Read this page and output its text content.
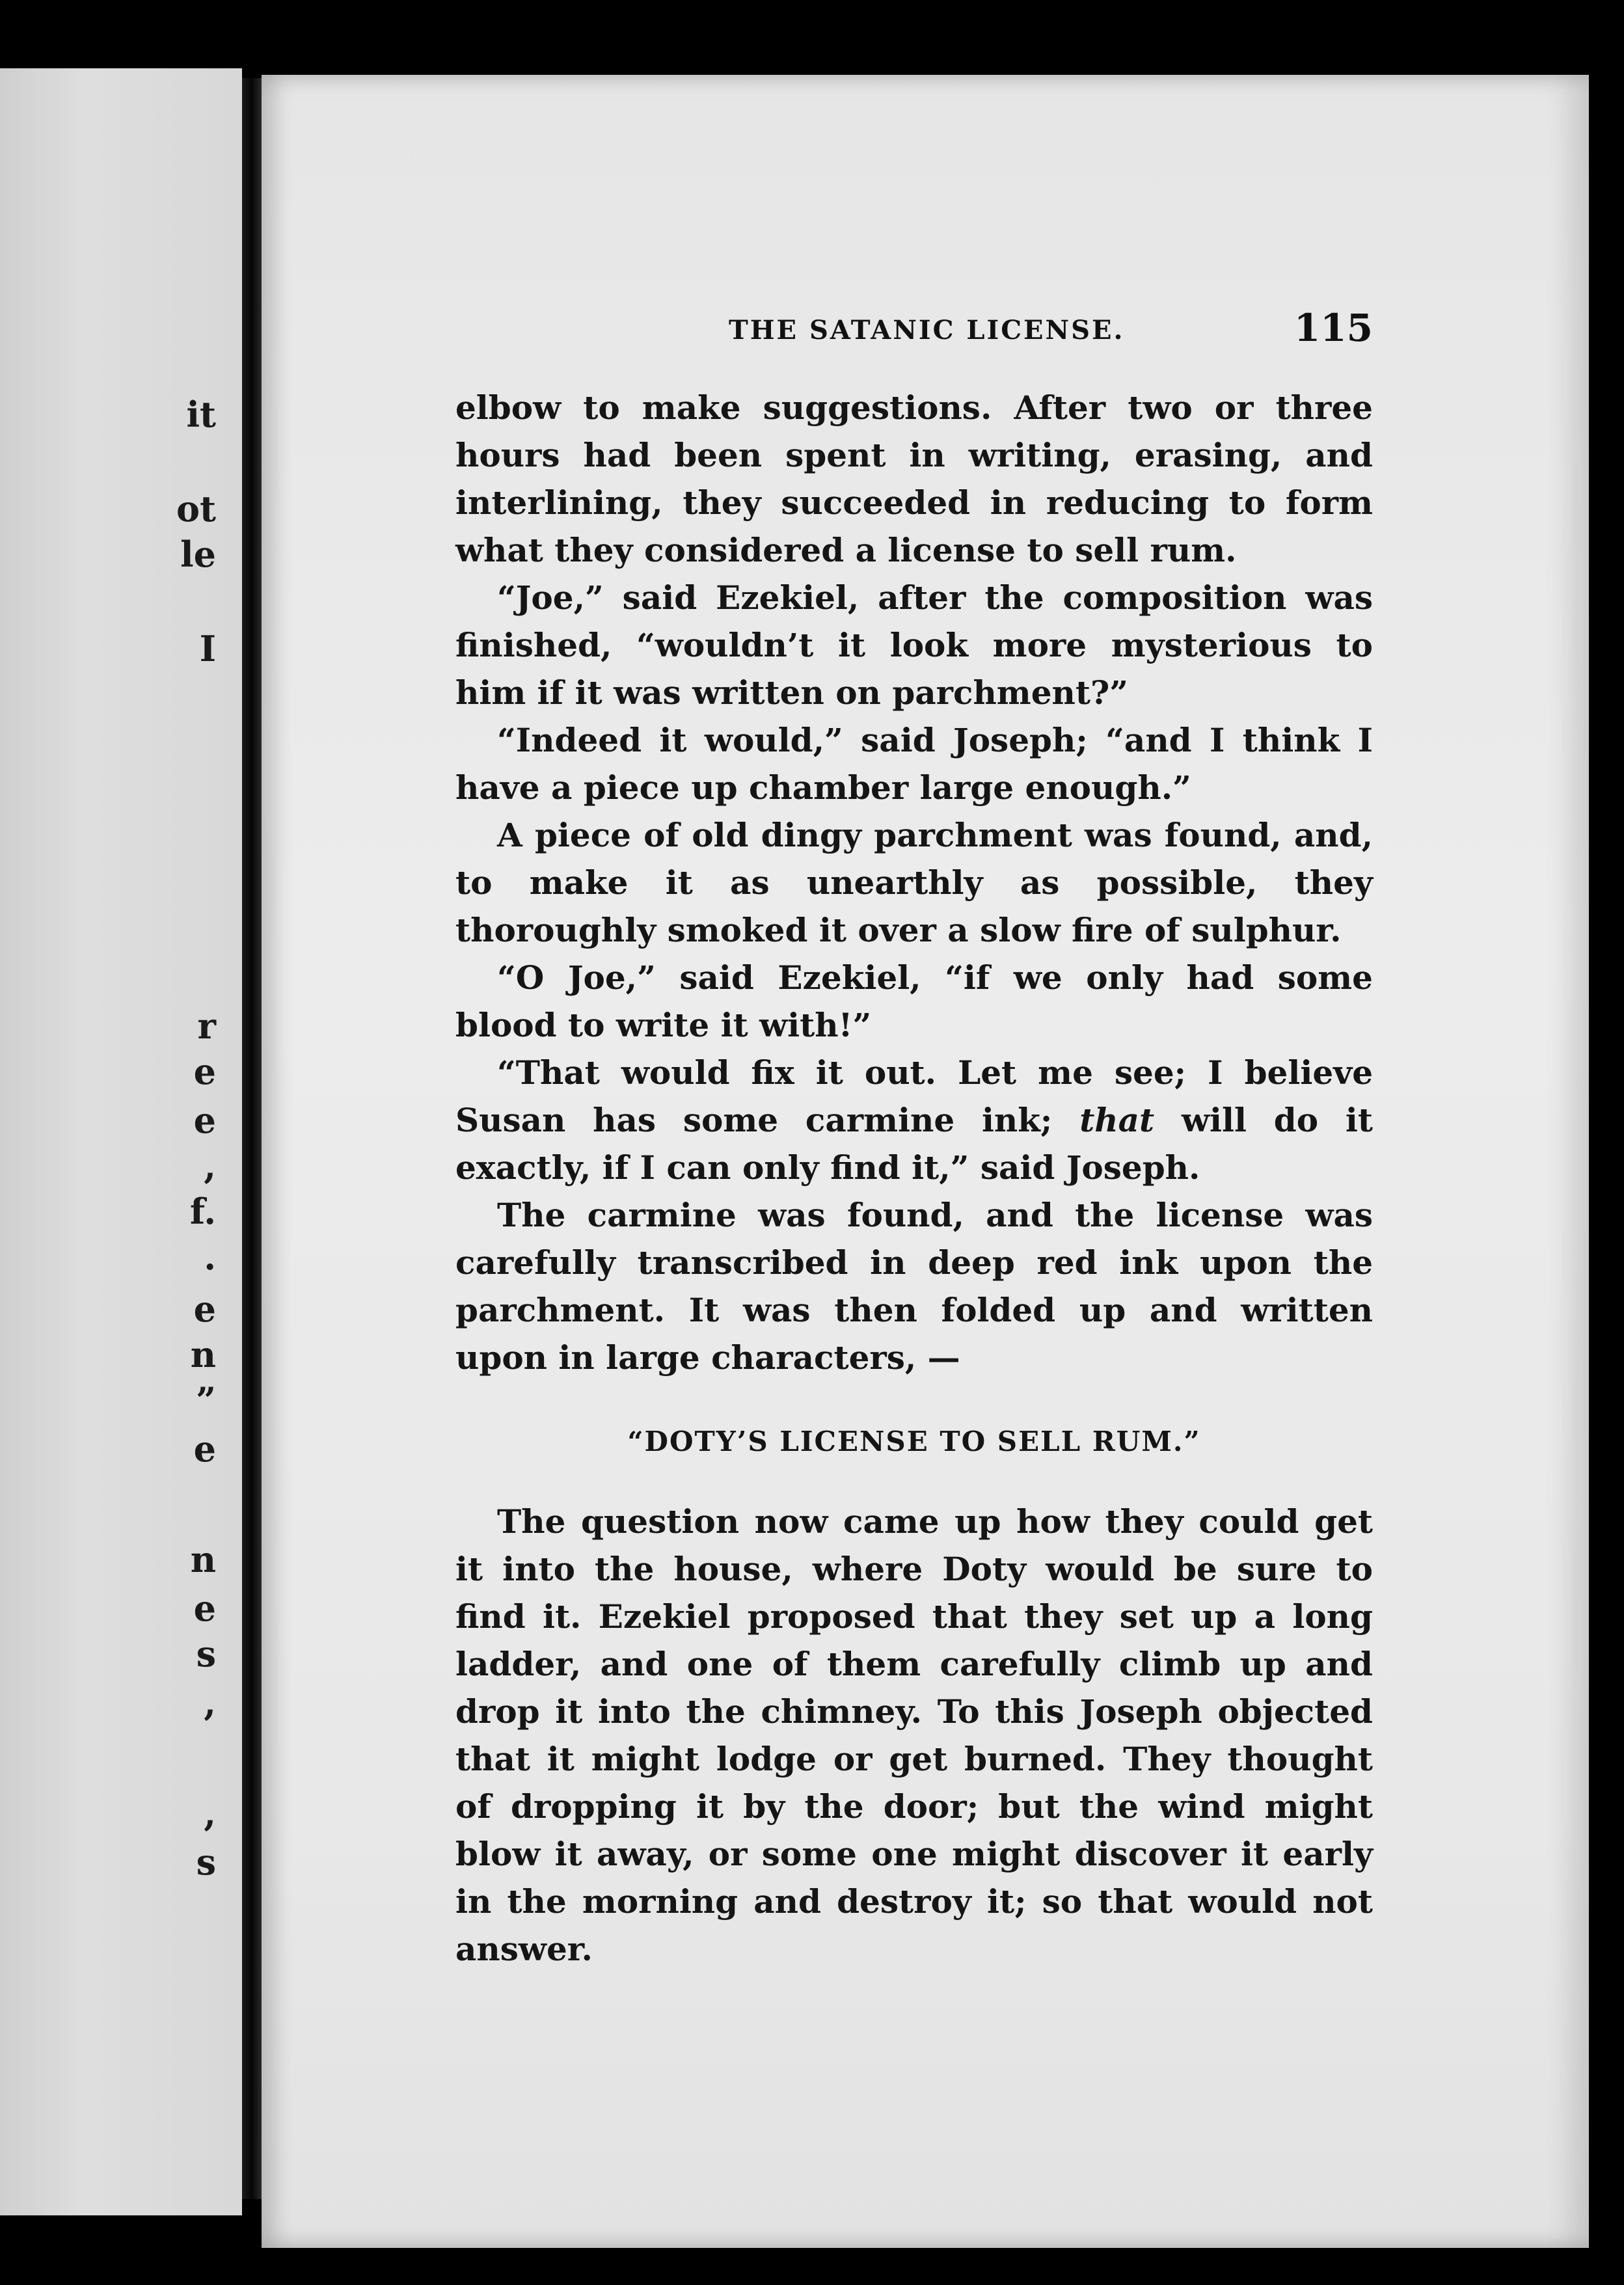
it
ot
le
I
r
e
e
,
f.
.
e
n
”
e
n
e
s
,
,
s
THE SATANIC LICENSE.	115

elbow to make suggestions. After two or three hours had been spent in writing, erasing, and interlining, they succeeded in reducing to form what they considered a license to sell rum.

“Joe,” said Ezekiel, after the composition was finished, “wouldn’t it look more mysterious to him if it was written on parchment?”

“Indeed it would,” said Joseph; “and I think I have a piece up chamber large enough.”

A piece of old dingy parchment was found, and, to make it as unearthly as possible, they thoroughly smoked it over a slow fire of sulphur.

“O Joe,” said Ezekiel, “if we only had some blood to write it with!”

“That would fix it out. Let me see; I believe Susan has some carmine ink; that will do it exactly, if I can only find it,” said Joseph.

The carmine was found, and the license was carefully transcribed in deep red ink upon the parchment. It was then folded up and written upon in large characters, —

“DOTY’S LICENSE TO SELL RUM.”

The question now came up how they could get it into the house, where Doty would be sure to find it. Ezekiel proposed that they set up a long ladder, and one of them carefully climb up and drop it into the chimney. To this Joseph objected that it might lodge or get burned. They thought of dropping it by the door; but the wind might blow it away, or some one might discover it early in the morning and destroy it; so that would not answer.
